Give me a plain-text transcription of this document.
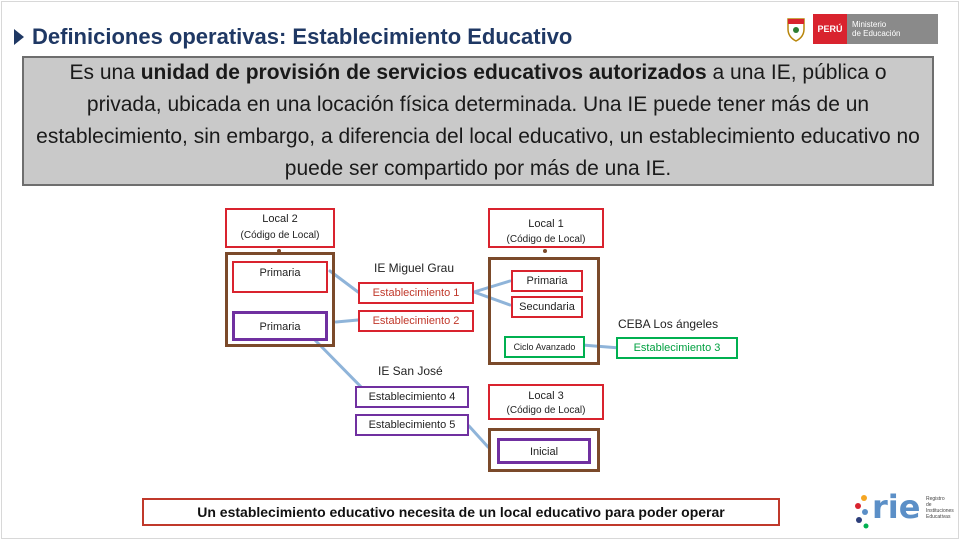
Definiciones operativas: Establecimiento Educativo	PERÚ	Ministerio
de Educación

Es una unidad de provisión de servicios educativos autorizados a una IE, pública o privada, ubicada en una locación física determinada. Una IE puede tener más de un establecimiento, sin embargo, a diferencia del local educativo, un establecimiento educativo no puede ser compartido por más de una IE.

Local 2
(Código de Local)
Primaria
Primaria
IE Miguel Grau
Establecimiento 1
Establecimiento 2
Local 1
(Código de Local)
Primaria
Secundaria
Ciclo Avanzado
CEBA Los ángeles
Establecimiento 3
IE San José
Establecimiento 4
Establecimiento 5
Local 3
(Código de Local)
Inicial
Un establecimiento educativo necesita de un local educativo para poder operar	rie Registro de Instituciones Educativas
